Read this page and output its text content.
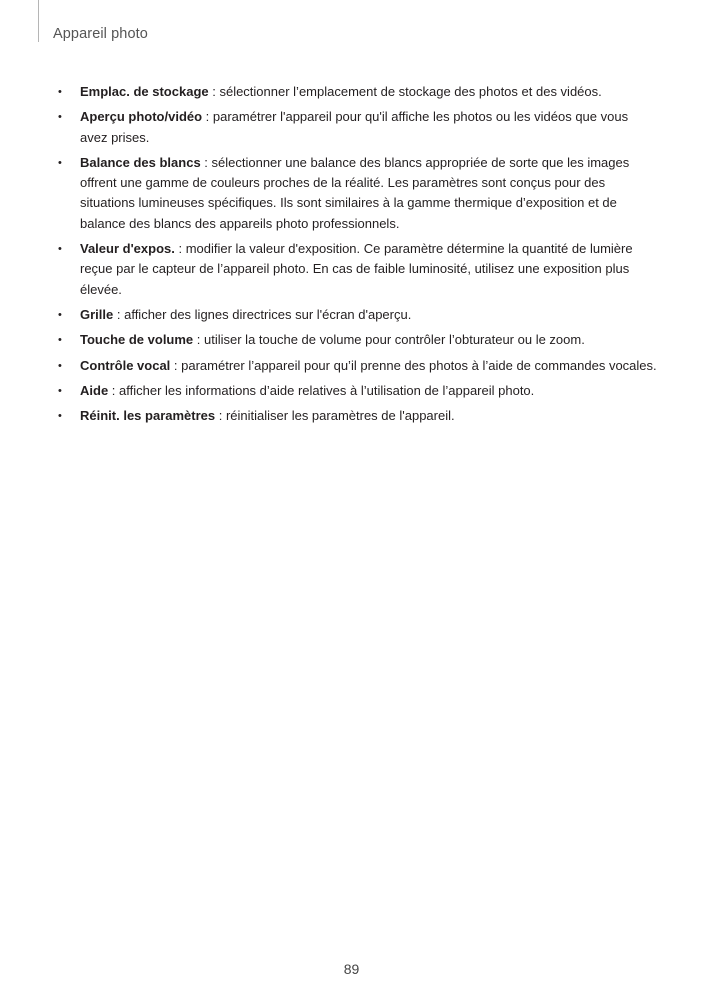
Appareil photo
• Emplac. de stockage : sélectionner l’emplacement de stockage des photos et des vidéos.
• Aperçu photo/vidéo : paramétrer l'appareil pour qu'il affiche les photos ou les vidéos que vous avez prises.
• Balance des blancs : sélectionner une balance des blancs appropriée de sorte que les images offrent une gamme de couleurs proches de la réalité. Les paramètres sont conçus pour des situations lumineuses spécifiques. Ils sont similaires à la gamme thermique d’exposition et de balance des blancs des appareils photo professionnels.
• Valeur d'expos. : modifier la valeur d'exposition. Ce paramètre détermine la quantité de lumière reçue par le capteur de l’appareil photo. En cas de faible luminosité, utilisez une exposition plus élevée.
• Grille : afficher des lignes directrices sur l'écran d'aperçu.
• Touche de volume : utiliser la touche de volume pour contrôler l’obturateur ou le zoom.
• Contrôle vocal : paramétrer l’appareil pour qu’il prenne des photos à l’aide de commandes vocales.
• Aide : afficher les informations d’aide relatives à l’utilisation de l’appareil photo.
• Réinit. les paramètres : réinitialiser les paramètres de l'appareil.
89
